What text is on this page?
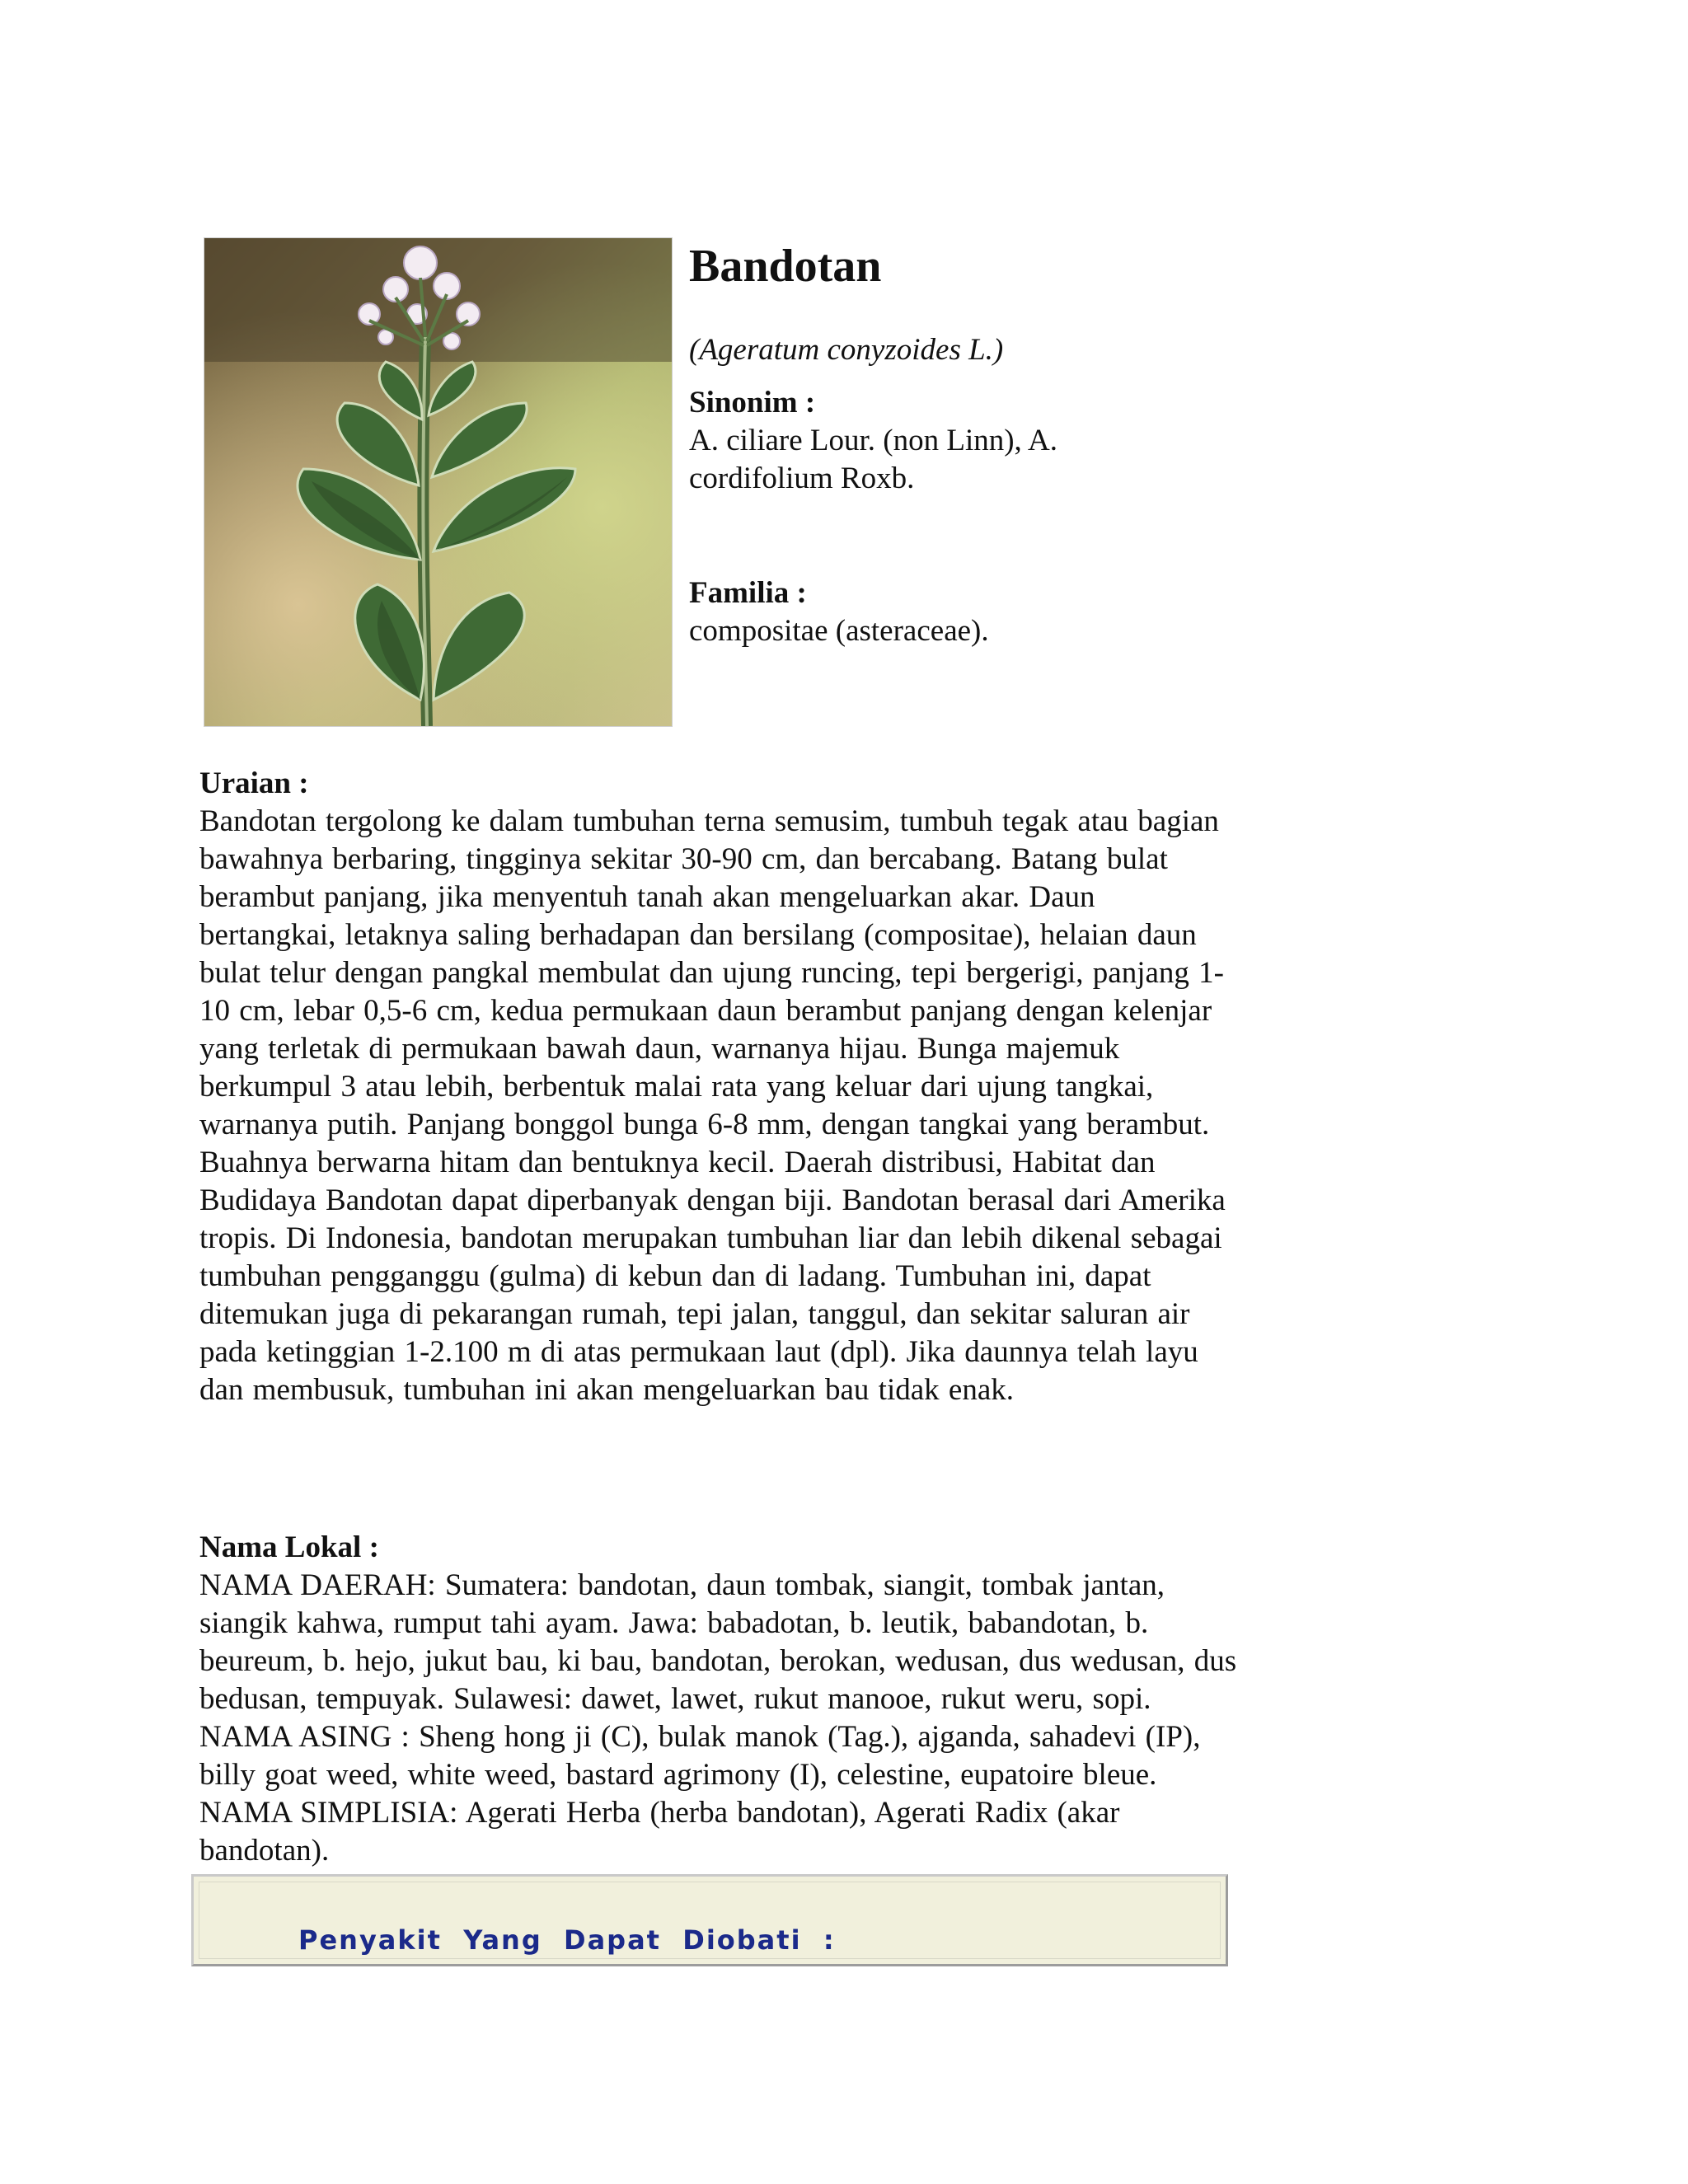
Bandotan
(Ageratum conyzoides L.)
Sinonim :
A. ciliare Lour. (non Linn), A. cordifolium Roxb.
Familia :
compositae (asteraceae).
Uraian :

Bandotan tergolong ke dalam tumbuhan terna semusim, tumbuh tegak atau bagian bawahnya berbaring, tingginya sekitar 30-90 cm, dan bercabang. Batang bulat berambut panjang, jika menyentuh tanah akan mengeluarkan akar. Daun bertangkai, letaknya saling berhadapan dan bersilang (compositae), helaian daun bulat telur dengan pangkal membulat dan ujung runcing, tepi bergerigi, panjang 1-10 cm, lebar 0,5-6 cm, kedua permukaan daun berambut panjang dengan kelenjar yang terletak di permukaan bawah daun, warnanya hijau. Bunga majemuk berkumpul 3 atau lebih, berbentuk malai rata yang keluar dari ujung tangkai, warnanya putih. Panjang bonggol bunga 6-8 mm, dengan tangkai yang berambut. Buahnya berwarna hitam dan bentuknya kecil. Daerah distribusi, Habitat dan Budidaya Bandotan dapat diperbanyak dengan biji. Bandotan berasal dari Amerika tropis. Di Indonesia, bandotan merupakan tumbuhan liar dan lebih dikenal sebagai tumbuhan pengganggu (gulma) di kebun dan di ladang. Tumbuhan ini, dapat ditemukan juga di pekarangan rumah, tepi jalan, tanggul, dan sekitar saluran air pada ketinggian 1-2.100 m di atas permukaan laut (dpl). Jika daunnya telah layu dan membusuk, tumbuhan ini akan mengeluarkan bau tidak enak.

Nama Lokal :

NAMA DAERAH: Sumatera: bandotan, daun tombak, siangit, tombak jantan, siangik kahwa, rumput tahi ayam. Jawa: babadotan, b. leutik, babandotan, b. beureum, b. hejo, jukut bau, ki bau, bandotan, berokan, wedusan, dus wedusan, dus bedusan, tempuyak. Sulawesi: dawet, lawet, rukut manooe, rukut weru, sopi. NAMA ASING : Sheng hong ji (C), bulak manok (Tag.), ajganda, sahadevi (IP), billy goat weed, white weed, bastard agrimony (I), celestine, eupatoire bleue. NAMA SIMPLISIA: Agerati Herba (herba bandotan), Agerati Radix (akar bandotan).

Penyakit  Yang  Dapat  Diobati  :
